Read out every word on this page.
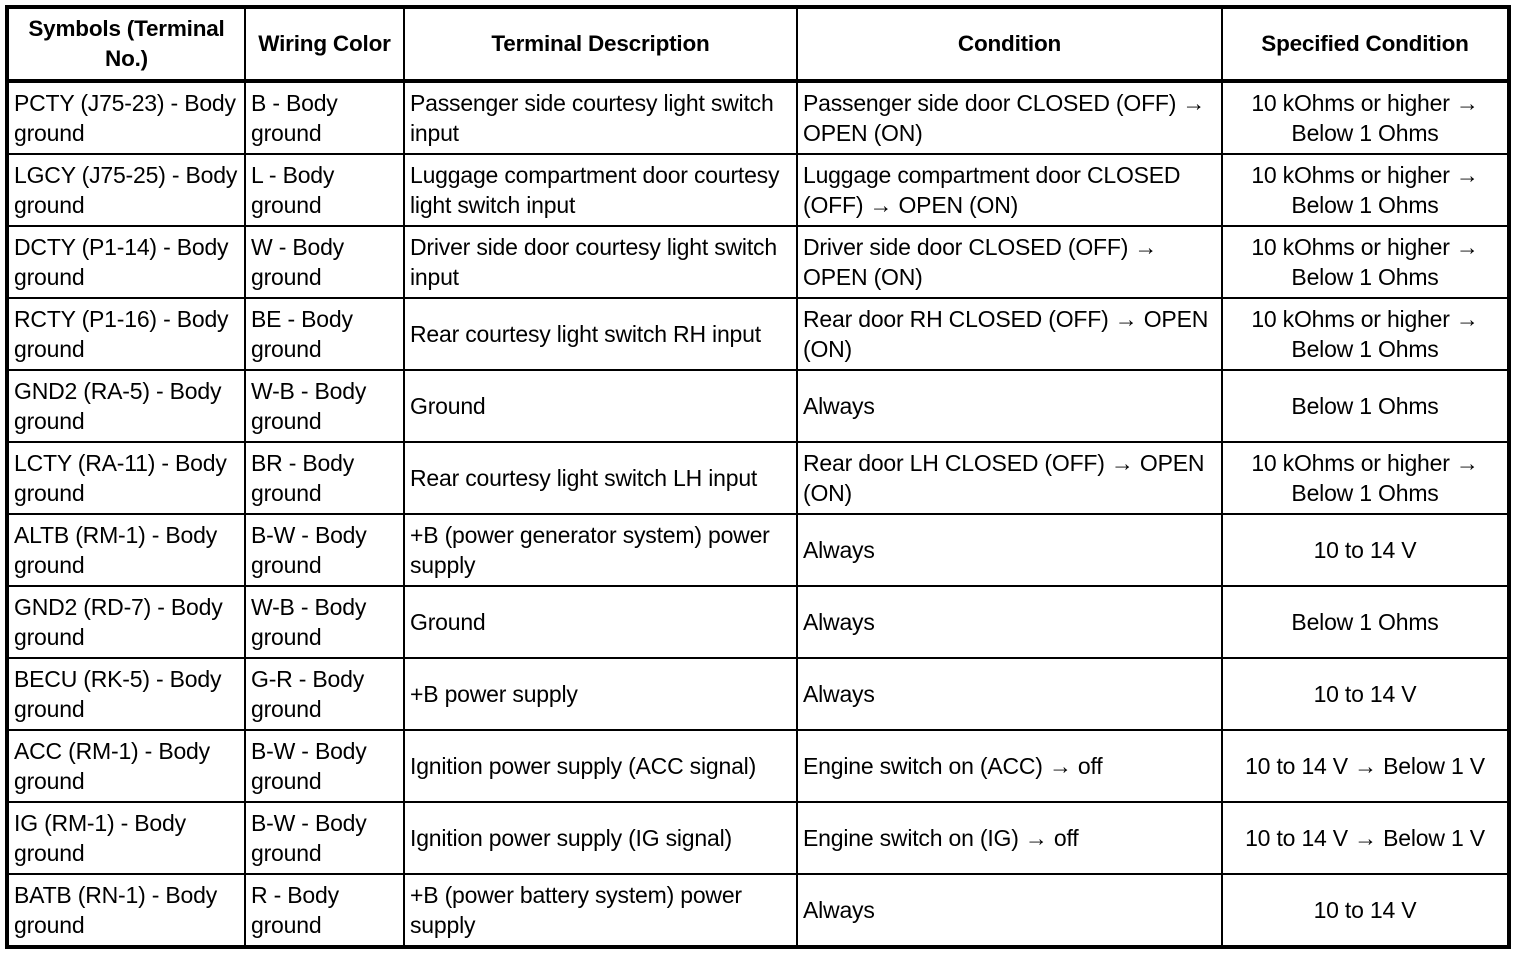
Symbols (Terminal No.)	Wiring Color	Terminal Description	Condition	Specified Condition
PCTY (J75-23) - Body ground	B - Body ground	Passenger side courtesy light switch input	Passenger side door CLOSED (OFF) → OPEN (ON)	10 kOhms or higher → Below 1 Ohms
LGCY (J75-25) - Body ground	L - Body ground	Luggage compartment door courtesy light switch input	Luggage compartment door CLOSED (OFF) → OPEN (ON)	10 kOhms or higher → Below 1 Ohms
DCTY (P1-14) - Body ground	W - Body ground	Driver side door courtesy light switch input	Driver side door CLOSED (OFF) → OPEN (ON)	10 kOhms or higher → Below 1 Ohms
RCTY (P1-16) - Body ground	BE - Body ground	Rear courtesy light switch RH input	Rear door RH CLOSED (OFF) → OPEN (ON)	10 kOhms or higher → Below 1 Ohms
GND2 (RA-5) - Body ground	W-B - Body ground	Ground	Always	Below 1 Ohms
LCTY (RA-11) - Body ground	BR - Body ground	Rear courtesy light switch LH input	Rear door LH CLOSED (OFF) → OPEN (ON)	10 kOhms or higher → Below 1 Ohms
ALTB (RM-1) - Body ground	B-W - Body ground	+B (power generator system) power supply	Always	10 to 14 V
GND2 (RD-7) - Body ground	W-B - Body ground	Ground	Always	Below 1 Ohms
BECU (RK-5) - Body ground	G-R - Body ground	+B power supply	Always	10 to 14 V
ACC (RM-1) - Body ground	B-W - Body ground	Ignition power supply (ACC signal)	Engine switch on (ACC) → off	10 to 14 V → Below 1 V
IG (RM-1) - Body ground	B-W - Body ground	Ignition power supply (IG signal)	Engine switch on (IG) → off	10 to 14 V → Below 1 V
BATB (RN-1) - Body ground	R - Body ground	+B (power battery system) power supply	Always	10 to 14 V
